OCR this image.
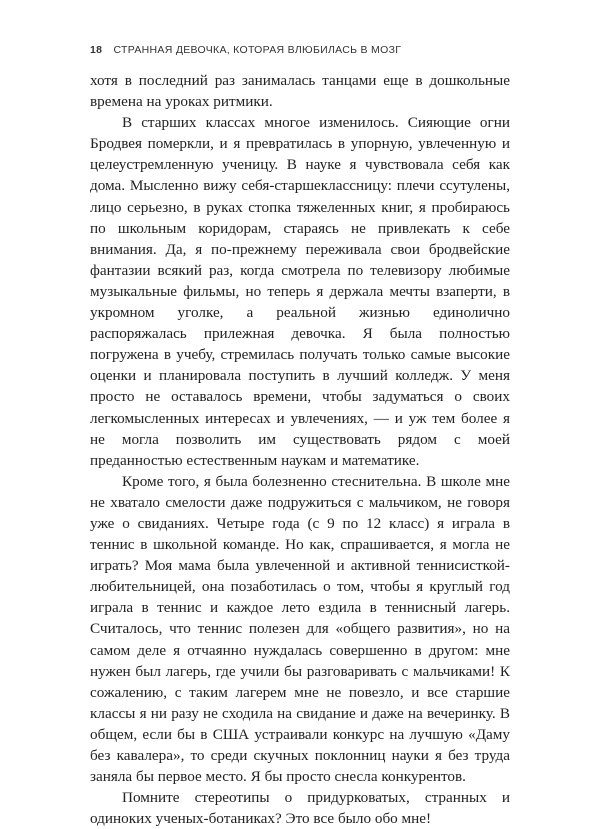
18 СТРАННАЯ ДЕВОЧКА, КОТОРАЯ ВЛЮБИЛАСЬ В МОЗГ

хотя в последний раз занималась танцами еще в дошкольные времена на уроках ритмики.

В старших классах многое изменилось. Сияющие огни Бродвея померкли, и я превратилась в упорную, увлеченную и целеустремленную ученицу. В науке я чувствовала себя как дома. Мысленно вижу себя-старшеклассницу: плечи ссутулены, лицо серьезно, в руках стопка тяжеленных книг, я пробираюсь по школьным коридорам, стараясь не привлекать к себе внимания. Да, я по-прежнему переживала свои бродвейские фантазии всякий раз, когда смотрела по телевизору любимые музыкальные фильмы, но теперь я держала мечты взаперти, в укромном уголке, а реальной жизнью единолично распоряжалась прилежная девочка. Я была полностью погружена в учебу, стремилась получать только самые высокие оценки и планировала поступить в лучший колледж. У меня просто не оставалось времени, чтобы задуматься о своих легкомысленных интересах и увлечениях, — и уж тем более я не могла позволить им существовать рядом с моей преданностью естественным наукам и математике.

Кроме того, я была болезненно стеснительна. В школе мне не хватало смелости даже подружиться с мальчиком, не говоря уже о свиданиях. Четыре года (с 9 по 12 класс) я играла в теннис в школьной команде. Но как, спрашивается, я могла не играть? Моя мама была увлеченной и активной теннисисткой-любительницей, она позаботилась о том, чтобы я круглый год играла в теннис и каждое лето ездила в теннисный лагерь. Считалось, что теннис полезен для «общего развития», но на самом деле я отчаянно нуждалась совершенно в другом: мне нужен был лагерь, где учили бы разговаривать с мальчиками! К сожалению, с таким лагерем мне не повезло, и все старшие классы я ни разу не сходила на свидание и даже на вечеринку. В общем, если бы в США устраивали конкурс на лучшую «Даму без кавалера», то среди скучных поклонниц науки я без труда заняла бы первое место. Я бы просто снесла конкурентов.

Помните стереотипы о придурковатых, странных и одиноких ученых-ботаниках? Это все было обо мне!
